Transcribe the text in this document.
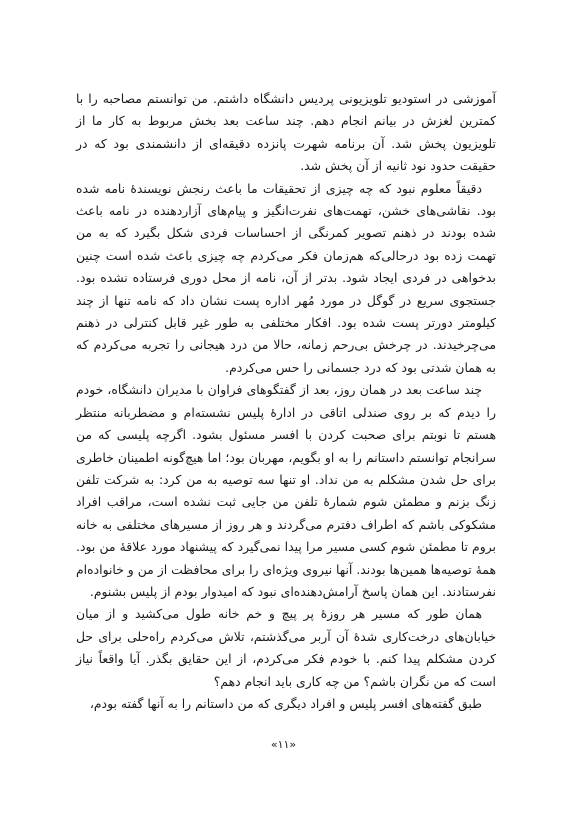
آموزشی در استودیو تلویزیونی پردیس دانشگاه داشتم. من توانستم مصاحبه را با کمترین لغزش در بیانم انجام دهم. چند ساعت بعد بخش مربوط به کار ما از تلویزیون پخش شد. آن برنامه شهرت پانزده دقیقه‌ای از دانشمندی بود که در حقیقت حدود نود ثانیه از آن پخش شد.

دقیقاً معلوم نبود که چه چیزی از تحقیقات ما باعث رنجش نویسندهٔ نامه شده بود. نقاشی‌های خشن، تهمت‌های نفرت‌انگیز و پیام‌های آزاردهنده در نامه باعث شده بودند در ذهنم تصویر کمرنگی از احساسات فردی شکل بگیرد که به من تهمت زده بود درحالی‌که هم‌زمان فکر می‌کردم چه چیزی باعث شده است چنین بدخواهی در فردی ایجاد شود. بدتر از آن، نامه از محل دوری فرستاده نشده بود. جستجوی سریع در گوگل در مورد مُهر اداره پست نشان داد که نامه تنها از چند کیلومتر دورتر پست شده بود. افکار مختلفی به طور غیر قابل کنترلی در ذهنم می‌چرخیدند. در چرخش بی‌رحم زمانه، حالا من درد هیجانی را تجربه می‌کردم که به همان شدتی بود که درد جسمانی را حس می‌کردم.

چند ساعت بعد در همان روز، بعد از گفتگوهای فراوان با مدیران دانشگاه، خودم را دیدم که بر روی صندلی اتاقی در ادارهٔ پلیس نشسته‌ام و مضطربانه منتظر هستم تا نوبتم برای صحبت کردن با افسر مسئول بشود. اگرچه پلیسی که من سرانجام توانستم داستانم را به او بگویم، مهربان بود؛ اما هیچ‌گونه اطمینان خاطری برای حل شدن مشکلم به من نداد. او تنها سه توصیه به من کرد: به شرکت تلفن زنگ بزنم و مطمئن شوم شمارهٔ تلفن من جایی ثبت نشده است، مراقب افراد مشکوکی باشم که اطراف دفترم می‌گردند و هر روز از مسیرهای مختلفی به خانه بروم تا مطمئن شوم کسی مسیر مرا پیدا نمی‌گیرد که پیشنهاد مورد علاقهٔ من بود. همهٔ توصیه‌ها همین‌ها بودند. آنها نیروی ویژه‌ای را برای محافظت از من و خانواده‌ام نفرستادند. این همان پاسخ آرامش‌دهنده‌ای نبود که امیدوار بودم از پلیس بشنوم.

همان طور که مسیر هر روزهٔ پر پیچ و خم خانه طول می‌کشید و از میان خیابان‌های درخت‌کاری شدهٔ آن آربر می‌گذشتم، تلاش می‌کردم راه‌حلی برای حل کردن مشکلم پیدا کنم. با خودم فکر می‌کردم، از این حقایق بگذر. آیا واقعاً نیاز است که من نگران باشم؟ من چه کاری باید انجام دهم؟

طبق گفته‌های افسر پلیس و افراد دیگری که من داستانم را به آنها گفته بودم،

«۱۱»
